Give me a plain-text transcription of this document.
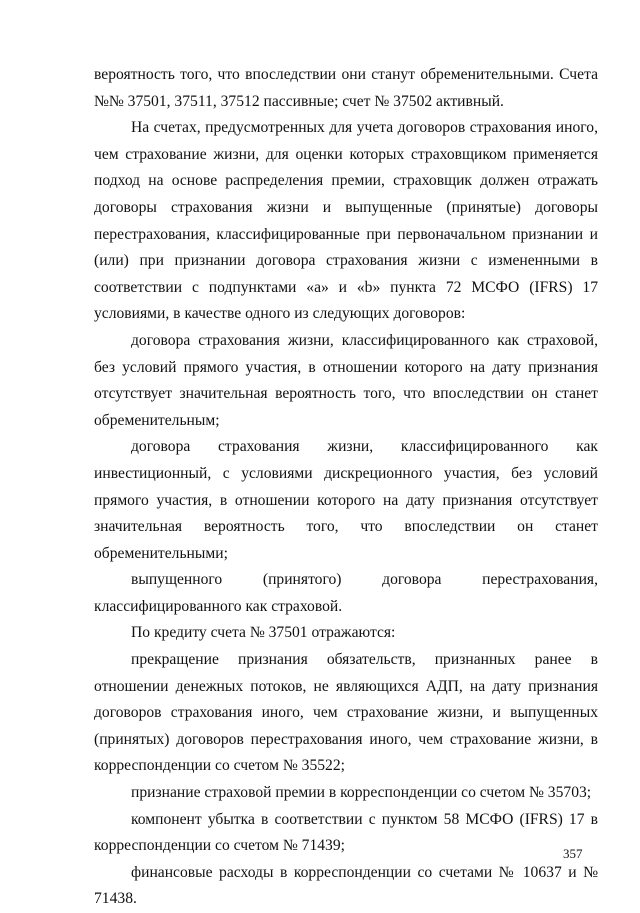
вероятность того, что впоследствии они станут обременительными. Счета №№ 37501, 37511, 37512 пассивные; счет № 37502 активный.

На счетах, предусмотренных для учета договоров страхования иного, чем страхование жизни, для оценки которых страховщиком применяется подход на основе распределения премии, страховщик должен отражать договоры страхования жизни и выпущенные (принятые) договоры перестрахования, классифицированные при первоначальном признании и (или) при признании договора страхования жизни с измененными в соответствии с подпунктами «а» и «b» пункта 72 МСФО (IFRS) 17 условиями, в качестве одного из следующих договоров:

договора страхования жизни, классифицированного как страховой, без условий прямого участия, в отношении которого на дату признания отсутствует значительная вероятность того, что впоследствии он станет обременительным;

договора страхования жизни, классифицированного как инвестиционный, с условиями дискреционного участия, без условий прямого участия, в отношении которого на дату признания отсутствует значительная вероятность того, что впоследствии он станет обременительными;

выпущенного (принятого) договора перестрахования, классифицированного как страховой.

По кредиту счета № 37501 отражаются:

прекращение признания обязательств, признанных ранее в отношении денежных потоков, не являющихся АДП, на дату признания договоров страхования иного, чем страхование жизни, и выпущенных (принятых) договоров перестрахования иного, чем страхование жизни, в корреспонденции со счетом № 35522;

признание страховой премии в корреспонденции со счетом № 35703;

компонент убытка в соответствии с пунктом 58 МСФО (IFRS) 17 в корреспонденции со счетом № 71439;

финансовые расходы в корреспонденции со счетами № 10637 и № 71438.

357
